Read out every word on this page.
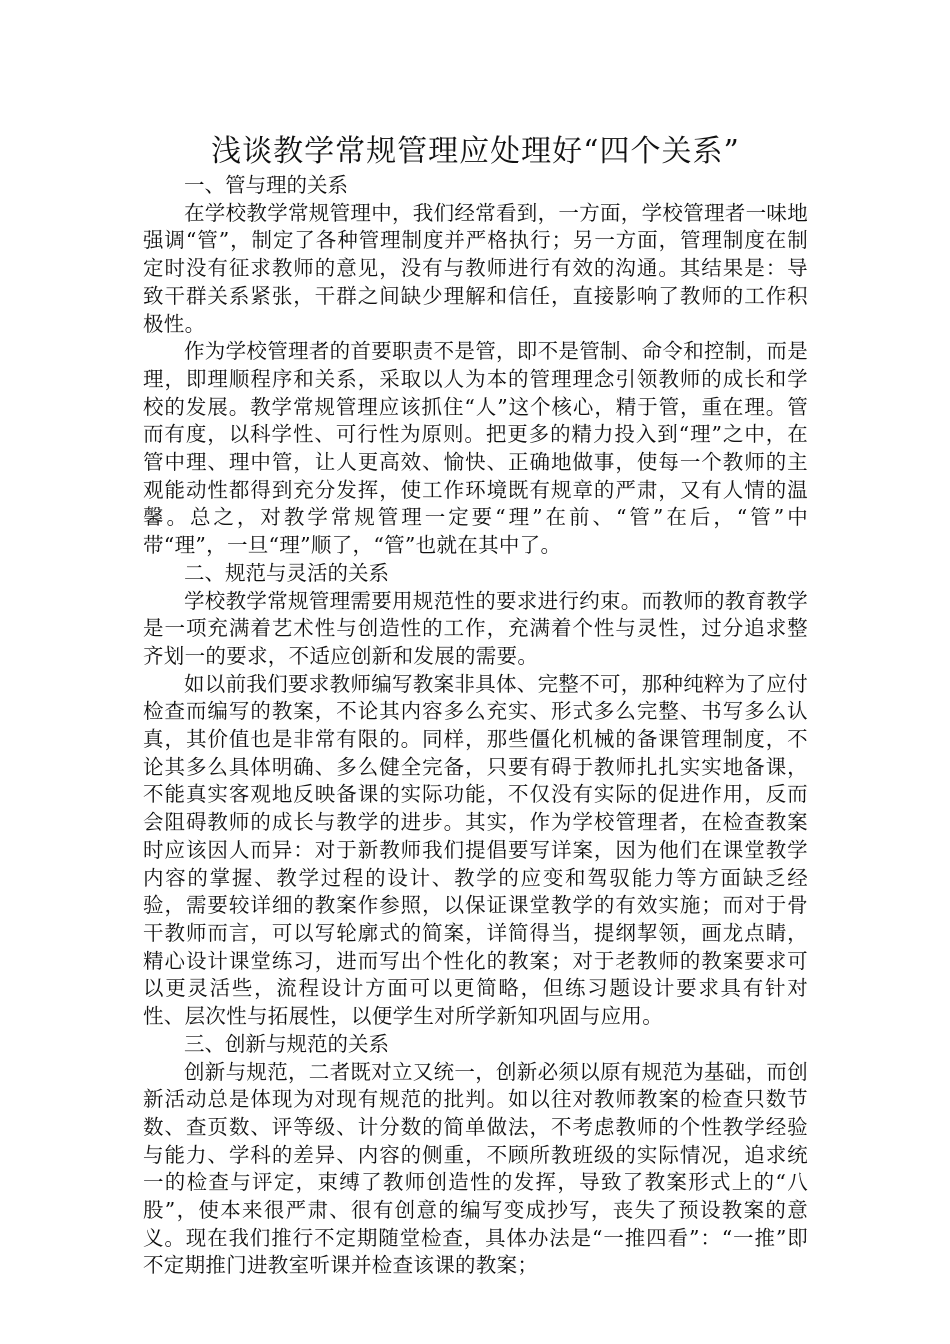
浅谈教学常规管理应处理好“四个关系”

一、管与理的关系

在学校教学常规管理中，我们经常看到，一方面，学校管理者一味地强调“管”，制定了各种管理制度并严格执行；另一方面，管理制度在制定时没有征求教师的意见，没有与教师进行有效的沟通。其结果是：导致干群关系紧张，干群之间缺少理解和信任，直接影响了教师的工作积极性。

作为学校管理者的首要职责不是管，即不是管制、命令和控制，而是理，即理顺程序和关系，采取以人为本的管理理念引领教师的成长和学校的发展。教学常规管理应该抓住“人”这个核心，精于管，重在理。管而有度，以科学性、可行性为原则。把更多的精力投入到“理”之中，在管中理、理中管，让人更高效、愉快、正确地做事，使每一个教师的主观能动性都得到充分发挥，使工作环境既有规章的严肃，又有人情的温馨。总之，对教学常规管理一定要“理”在前、“管”在后，“管”中带“理”，一旦“理”顺了，“管”也就在其中了。

二、规范与灵活的关系

学校教学常规管理需要用规范性的要求进行约束。而教师的教育教学是一项充满着艺术性与创造性的工作，充满着个性与灵性，过分追求整齐划一的要求，不适应创新和发展的需要。

如以前我们要求教师编写教案非具体、完整不可，那种纯粹为了应付检查而编写的教案，不论其内容多么充实、形式多么完整、书写多么认真，其价值也是非常有限的。同样，那些僵化机械的备课管理制度，不论其多么具体明确、多么健全完备，只要有碍于教师扎扎实实地备课，不能真实客观地反映备课的实际功能，不仅没有实际的促进作用，反而会阻碍教师的成长与教学的进步。其实，作为学校管理者，在检查教案时应该因人而异：对于新教师我们提倡要写详案，因为他们在课堂教学内容的掌握、教学过程的设计、教学的应变和驾驭能力等方面缺乏经验，需要较详细的教案作参照，以保证课堂教学的有效实施；而对于骨干教师而言，可以写轮廓式的简案，详简得当，提纲挈领，画龙点睛，精心设计课堂练习，进而写出个性化的教案；对于老教师的教案要求可以更灵活些，流程设计方面可以更简略，但练习题设计要求具有针对性、层次性与拓展性，以便学生对所学新知巩固与应用。

三、创新与规范的关系

创新与规范，二者既对立又统一，创新必须以原有规范为基础，而创新活动总是体现为对现有规范的批判。如以往对教师教案的检查只数节数、查页数、评等级、计分数的简单做法，不考虑教师的个性教学经验与能力、学科的差异、内容的侧重，不顾所教班级的实际情况，追求统一的检查与评定，束缚了教师创造性的发挥，导致了教案形式上的“八股”，使本来很严肃、很有创意的编写变成抄写，丧失了预设教案的意义。现在我们推行不定期随堂检查，具体办法是“一推四看”：“一推”即不定期推门进教室听课并检查该课的教案；
